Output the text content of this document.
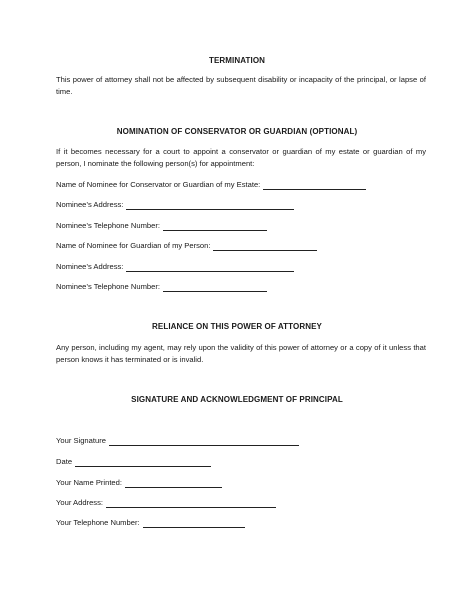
TERMINATION
This power of attorney shall not be affected by subsequent disability or incapacity of the principal, or lapse of time.
NOMINATION OF CONSERVATOR OR GUARDIAN (OPTIONAL)
If it becomes necessary for a court to appoint a conservator or guardian of my estate or guardian of my person, I nominate the following person(s) for appointment:
Name of Nominee for Conservator or Guardian of my Estate:
Nominee’s Address:
Nominee’s Telephone Number:
Name of Nominee for Guardian of my Person:
Nominee’s Address:
Nominee’s Telephone Number:
RELIANCE ON THIS POWER OF ATTORNEY
Any person, including my agent, may rely upon the validity of this power of attorney or a copy of it unless that person knows it has terminated or is invalid.
SIGNATURE AND ACKNOWLEDGMENT OF PRINCIPAL
Your Signature
Date
Your Name Printed:
Your Address:
Your Telephone Number:
